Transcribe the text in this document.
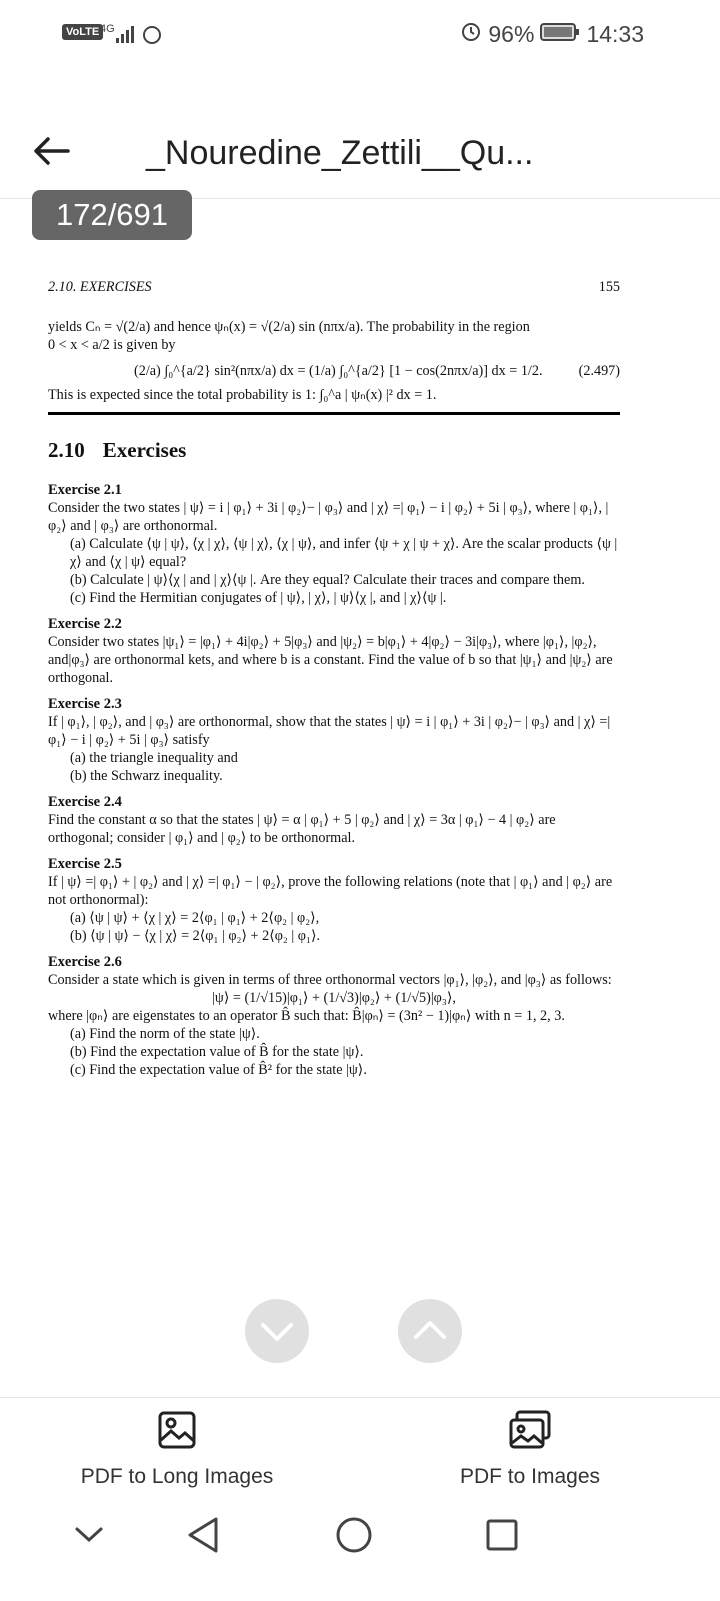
VoLTE 4G	96% 14:33
_Nouredine_Zettili__Qu...
172/691
2.10. EXERCISES	155

yields Cₙ = √(2/a) and hence ψₙ(x) = √(2/a) sin (nπx/a). The probability in the region

0 < x < a/2 is given by

(2/a) ∫₀^{a/2} sin²(nπx/a) dx = (1/a) ∫₀^{a/2} [1 − cos(2nπx/a)] dx = 1/2.	(2.497)

This is expected since the total probability is 1: ∫₀^a | ψₙ(x) |² dx = 1.

2.10 Exercises
Exercise 2.1

Consider the two states | ψ⟩ = i | φ₁⟩ + 3i | φ₂⟩− | φ₃⟩ and | χ⟩ =| φ₁⟩ − i | φ₂⟩ + 5i | φ₃⟩, where | φ₁⟩, | φ₂⟩ and | φ₃⟩ are orthonormal.

(a) Calculate ⟨ψ | ψ⟩, ⟨χ | χ⟩, ⟨ψ | χ⟩, ⟨χ | ψ⟩, and infer ⟨ψ + χ | ψ + χ⟩. Are the scalar products ⟨ψ | χ⟩ and ⟨χ | ψ⟩ equal?

(b) Calculate | ψ⟩⟨χ | and | χ⟩⟨ψ |. Are they equal? Calculate their traces and compare them.

(c) Find the Hermitian conjugates of | ψ⟩, | χ⟩, | ψ⟩⟨χ |, and | χ⟩⟨ψ |.

Exercise 2.2

Consider two states |ψ₁⟩ = |φ₁⟩ + 4i|φ₂⟩ + 5|φ₃⟩ and |ψ₂⟩ = b|φ₁⟩ + 4|φ₂⟩ − 3i|φ₃⟩, where |φ₁⟩, |φ₂⟩, and|φ₃⟩ are orthonormal kets, and where b is a constant. Find the value of b so that |ψ₁⟩ and |ψ₂⟩ are orthogonal.

Exercise 2.3

If | φ₁⟩, | φ₂⟩, and | φ₃⟩ are orthonormal, show that the states | ψ⟩ = i | φ₁⟩ + 3i | φ₂⟩− | φ₃⟩ and | χ⟩ =| φ₁⟩ − i | φ₂⟩ + 5i | φ₃⟩ satisfy

(a) the triangle inequality and

(b) the Schwarz inequality.

Exercise 2.4

Find the constant α so that the states | ψ⟩ = α | φ₁⟩ + 5 | φ₂⟩ and | χ⟩ = 3α | φ₁⟩ − 4 | φ₂⟩ are orthogonal; consider | φ₁⟩ and | φ₂⟩ to be orthonormal.

Exercise 2.5

If | ψ⟩ =| φ₁⟩ + | φ₂⟩ and | χ⟩ =| φ₁⟩ − | φ₂⟩, prove the following relations (note that | φ₁⟩ and | φ₂⟩ are not orthonormal):

(a) ⟨ψ | ψ⟩ + ⟨χ | χ⟩ = 2⟨φ₁ | φ₁⟩ + 2⟨φ₂ | φ₂⟩,

(b) ⟨ψ | ψ⟩ − ⟨χ | χ⟩ = 2⟨φ₁ | φ₂⟩ + 2⟨φ₂ | φ₁⟩.

Exercise 2.6

Consider a state which is given in terms of three orthonormal vectors |φ₁⟩, |φ₂⟩, and |φ₃⟩ as follows:

|ψ⟩ = (1/√15)|φ₁⟩ + (1/√3)|φ₂⟩ + (1/√5)|φ₃⟩,

where |φₙ⟩ are eigenstates to an operator B̂ such that: B̂|φₙ⟩ = (3n² − 1)|φₙ⟩ with n = 1, 2, 3.

(a) Find the norm of the state |ψ⟩.

(b) Find the expectation value of B̂ for the state |ψ⟩.

(c) Find the expectation value of B̂² for the state |ψ⟩.

PDF to Long Images	PDF to Images
